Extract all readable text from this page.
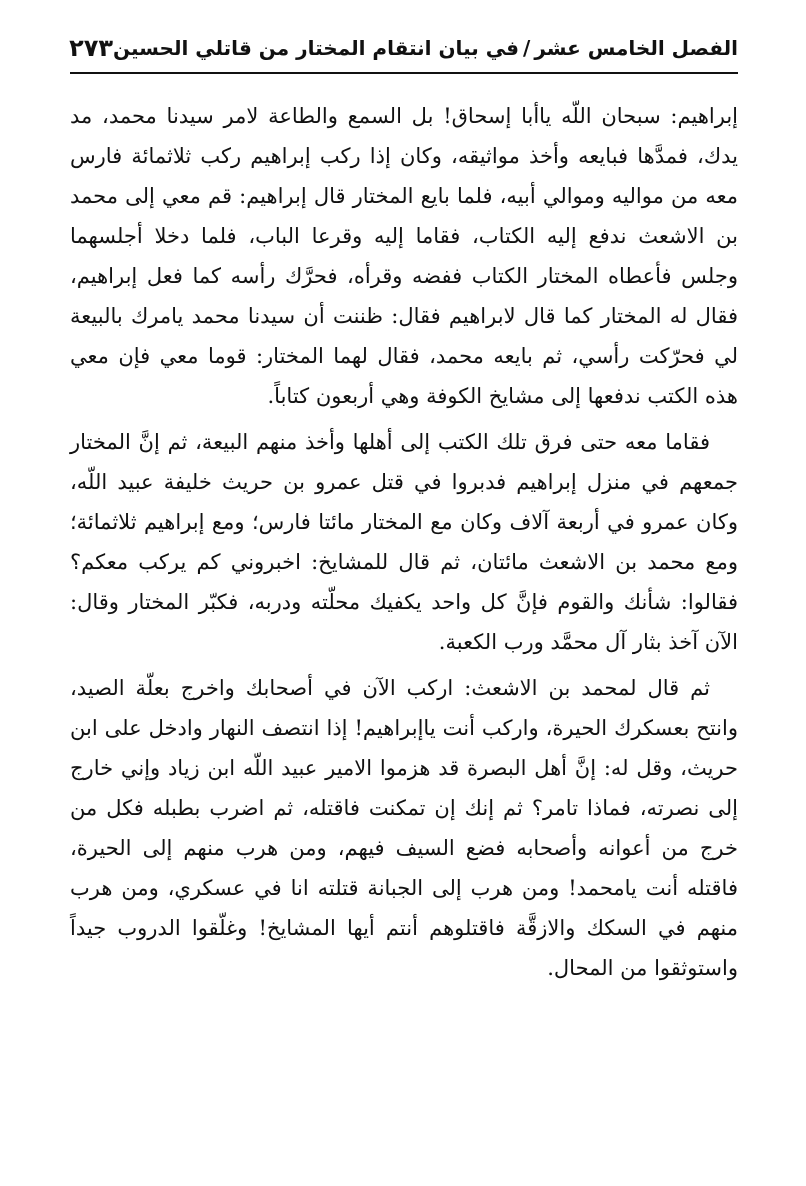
الفصل الخامس عشر/في بيان انتقام المختار من قاتلي الحسين
٢٧٣

إبراهيم: سبحان اللّه ياأبا إسحاق! بل السمع والطاعة لامر سيدنا محمد، مد يدك، فمدَّها فبايعه وأخذ مواثيقه، وكان إذا ركب إبراهيم ركب ثلاثمائة فارس معه من مواليه وموالي أبيه، فلما بايع المختار قال إبراهيم: قم معي إلى محمد بن الاشعث ندفع إليه الكتاب، فقاما إليه وقرعا الباب، فلما دخلا أجلسهما وجلس فأعطاه المختار الكتاب ففضه وقرأه، فحرَّك رأسه كما فعل إبراهيم، فقال له المختار كما قال لابراهيم فقال: ظننت أن سيدنا محمد يامرك بالبيعة لي فحرّكت رأسي، ثم بايعه محمد، فقال لهما المختار: قوما معي فإن معي هذه الكتب ندفعها إلى مشايخ الكوفة وهي أربعون كتاباً.

فقاما معه حتى فرق تلك الكتب إلى أهلها وأخذ منهم البيعة، ثم إنَّ المختار جمعهم في منزل إبراهيم فدبروا في قتل عمرو بن حريث خليفة عبيد اللّه، وكان عمرو في أربعة آلاف وكان مع المختار مائتا فارس؛ ومع إبراهيم ثلاثمائة؛ ومع محمد بن الاشعث مائتان، ثم قال للمشايخ: اخبروني كم يركب معكم؟ فقالوا: شأنك والقوم فإنَّ كل واحد يكفيك محلّته ودربه، فكبّر المختار وقال: الآن آخذ بثار آل محمَّد ورب الكعبة.

ثم قال لمحمد بن الاشعث: اركب الآن في أصحابك واخرج بعلّة الصيد، وانتح بعسكرك الحيرة، واركب أنت ياإبراهيم! إذا انتصف النهار وادخل على ابن حريث، وقل له: إنَّ أهل البصرة قد هزموا الامير عبيد اللّه ابن زياد وإني خارج إلى نصرته، فماذا تامر؟ ثم إنك إن تمكنت فاقتله، ثم اضرب بطبله فكل من خرج من أعوانه وأصحابه فضع السيف فيهم، ومن هرب منهم إلى الحيرة، فاقتله أنت يامحمد! ومن هرب إلى الجبانة قتلته انا في عسكري، ومن هرب منهم في السكك والازقَّة فاقتلوهم أنتم أيها المشايخ! وغلّقوا الدروب جيداً واستوثقوا من المحال.
